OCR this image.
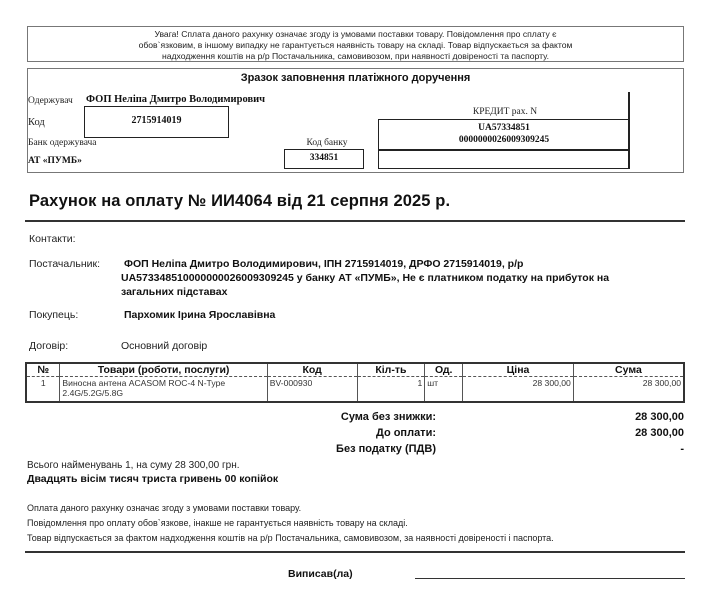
Увага! Сплата даного рахунку означає згоду із умовами поставки товару. Повідомлення про сплату є
обов`язковим, в іншому випадку не гарантується наявність товару на складі. Товар відпускається за фактом
надходження коштів на р/р Постачальника, самовивозом, при наявності довіреності та паспорту.
Зразок заповнення платіжного доручення
Одержувач ФОП Неліпа Дмитро Володимирович
Код	2715914019
Банк одержувача
АТ «ПУМБ»
Код банку
334851
КРЕДИТ рах. N
UA57334851
0000000026009309245
Рахунок на оплату № ИИ4064 від 21 серпня 2025 р.
Контакти:
Постачальник: ФОП Неліпа Дмитро Володимирович, ІПН 2715914019, ДРФО 2715914019, р/р
UA573348510000000026009309245 у банку АТ «ПУМБ», Не є платником податку на прибуток на
загальних підставах
Покупець:	Пархомик Ірина Ярославівна
Договір:	Основний договір
№	Товари (роботи, послуги)	Код	Кіл-ть	Од.	Ціна	Сума
1	Виносна антена ACASOM ROC-4 N-Type
2.4G/5.2G/5.8G	BV-000930	1	шт	28 300,00	28 300,00
Сума без знижки:	28 300,00
До оплати:	28 300,00
Без податку (ПДВ)	-
Всього найменувань 1, на суму 28 300,00 грн.
Двадцять вісім тисяч триста гривень 00 копійок
Оплата даного рахунку означає згоду з умовами поставки товару.
Повідомлення про оплату обов`язкове, інакше не гарантується наявність товару на складі.
Товар відпускається за фактом надходження коштів на р/р Постачальника, самовивозом, за наявності довіреності і паспорта.
Виписав(ла)
